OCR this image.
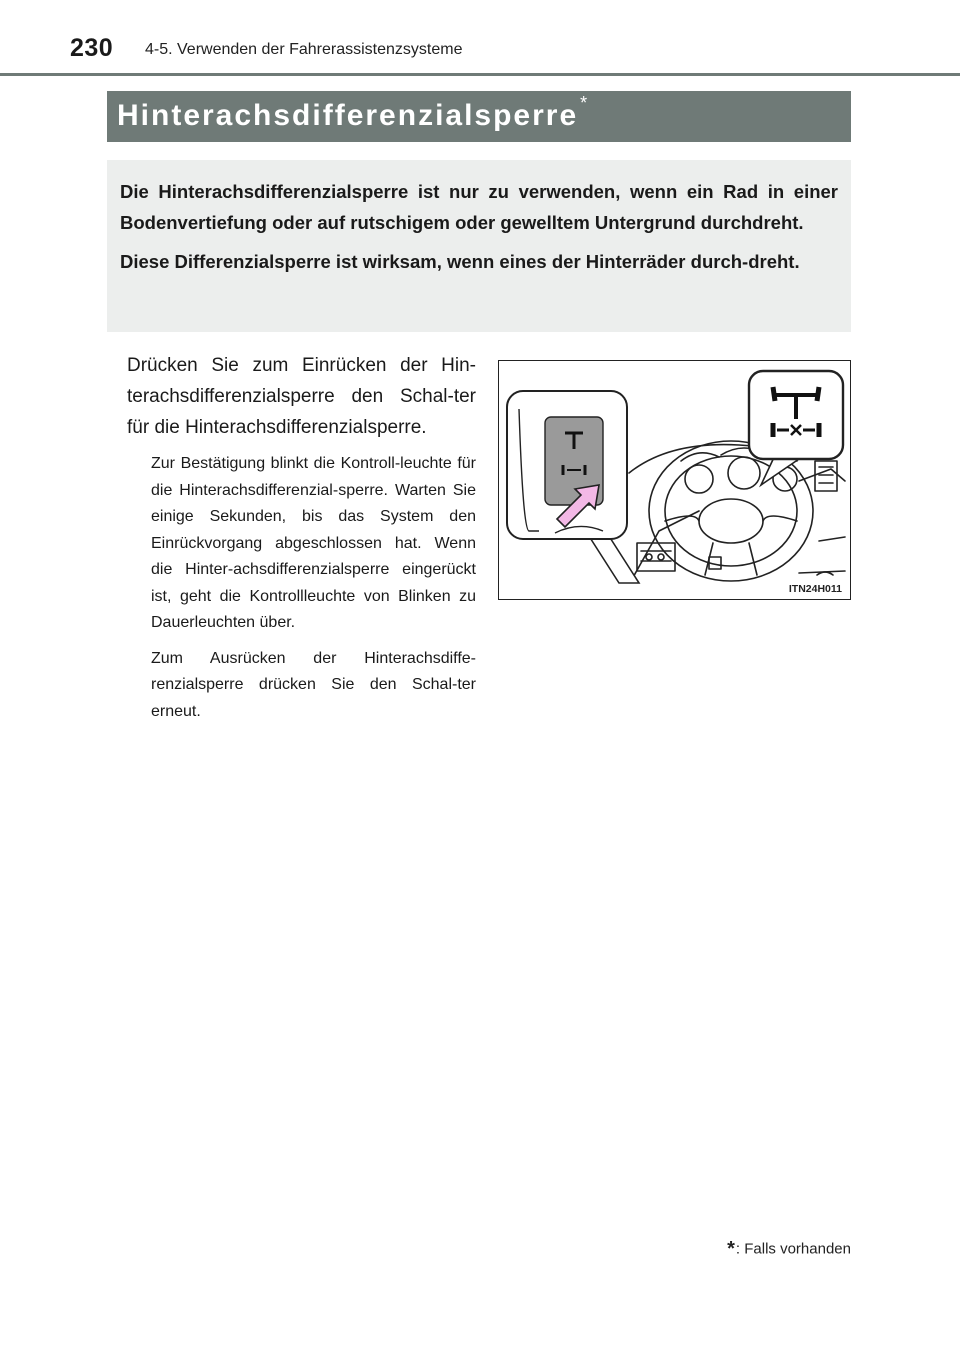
230 4-5. Verwenden der Fahrerassistenzsysteme
Hinterachsdifferenzialsperre *

Die Hinterachsdifferenzialsperre ist nur zu verwenden, wenn ein Rad in einer Bodenvertiefung oder auf rutschigem oder gewelltem Untergrund durchdreht.

Diese Differenzialsperre ist wirksam, wenn eines der Hinterräder durch-dreht.

Drücken Sie zum Einrücken der Hin-terachsdifferenzialsperre den Schal-ter für die Hinterachsdifferenzialsperre.

Zur Bestätigung blinkt die Kontroll-leuchte für die Hinterachsdifferenzial-sperre. Warten Sie einige Sekunden, bis das System den Einrückvorgang abgeschlossen hat. Wenn die Hinter-achsdifferenzialsperre eingerückt ist, geht die Kontrollleuchte von Blinken zu Dauerleuchten über.

Zum Ausrücken der Hinterachsdiffe-renzialsperre drücken Sie den Schal-ter erneut.

ITN24H011
*: Falls vorhanden
